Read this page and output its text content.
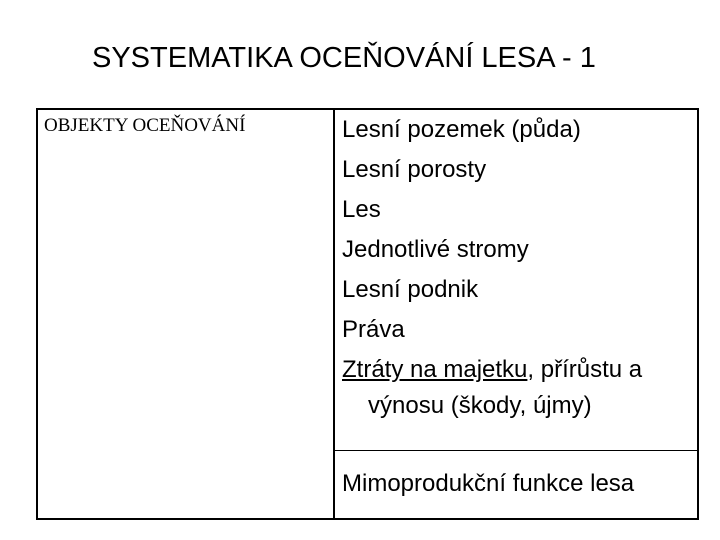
SYSTEMATIKA OCEŇOVÁNÍ LESA - 1
OBJEKTY OCEŇOVÁNÍ	Lesní pozemek (půda)
Lesní porosty
Les
Jednotlivé stromy
Lesní podnik
Práva
Ztráty na majetku, přírůstu a
výnosu (škody, újmy)
Mimoprodukční funkce lesa
